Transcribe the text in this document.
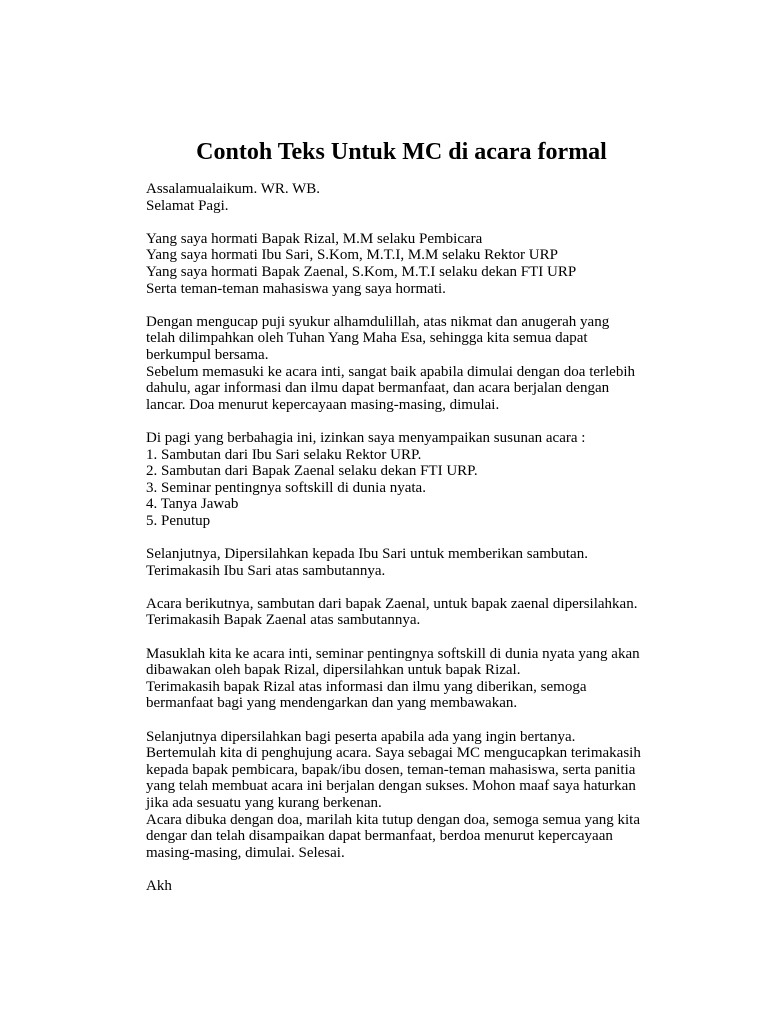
Contoh Teks Untuk MC di acara formal
Assalamualaikum. WR. WB.
Selamat Pagi.
Yang saya hormati Bapak Rizal, M.M selaku Pembicara
Yang saya hormati Ibu Sari, S.Kom, M.T.I, M.M selaku Rektor URP
Yang saya hormati Bapak Zaenal, S.Kom, M.T.I selaku dekan FTI URP
Serta teman-teman mahasiswa yang saya hormati.
Dengan mengucap puji syukur alhamdulillah, atas nikmat dan anugerah yang
telah dilimpahkan oleh Tuhan Yang Maha Esa, sehingga kita semua dapat
berkumpul bersama.
Sebelum memasuki ke acara inti, sangat baik apabila dimulai dengan doa terlebih
dahulu, agar informasi dan ilmu dapat bermanfaat, dan acara berjalan dengan
lancar. Doa menurut kepercayaan masing-masing, dimulai.
Di pagi yang berbahagia ini, izinkan saya menyampaikan susunan acara :
1. Sambutan dari Ibu Sari selaku Rektor URP.
2. Sambutan dari Bapak Zaenal selaku dekan FTI URP.
3. Seminar pentingnya softskill di dunia nyata.
4. Tanya Jawab
5. Penutup
Selanjutnya, Dipersilahkan kepada Ibu Sari untuk memberikan sambutan.
Terimakasih Ibu Sari atas sambutannya.
Acara berikutnya, sambutan dari bapak Zaenal, untuk bapak zaenal dipersilahkan.
Terimakasih Bapak Zaenal atas sambutannya.
Masuklah kita ke acara inti, seminar pentingnya softskill di dunia nyata yang akan
dibawakan oleh bapak Rizal, dipersilahkan untuk bapak Rizal.
Terimakasih bapak Rizal atas informasi dan ilmu yang diberikan, semoga
bermanfaat bagi yang mendengarkan dan yang membawakan.
Selanjutnya dipersilahkan bagi peserta apabila ada yang ingin bertanya.
Bertemulah kita di penghujung acara. Saya sebagai MC mengucapkan terimakasih
kepada bapak pembicara, bapak/ibu dosen, teman-teman mahasiswa, serta panitia
yang telah membuat acara ini berjalan dengan sukses. Mohon maaf saya haturkan
jika ada sesuatu yang kurang berkenan.
Acara dibuka dengan doa, marilah kita tutup dengan doa, semoga semua yang kita
dengar dan telah disampaikan dapat bermanfaat, berdoa menurut kepercayaan
masing-masing, dimulai. Selesai.
Akh
